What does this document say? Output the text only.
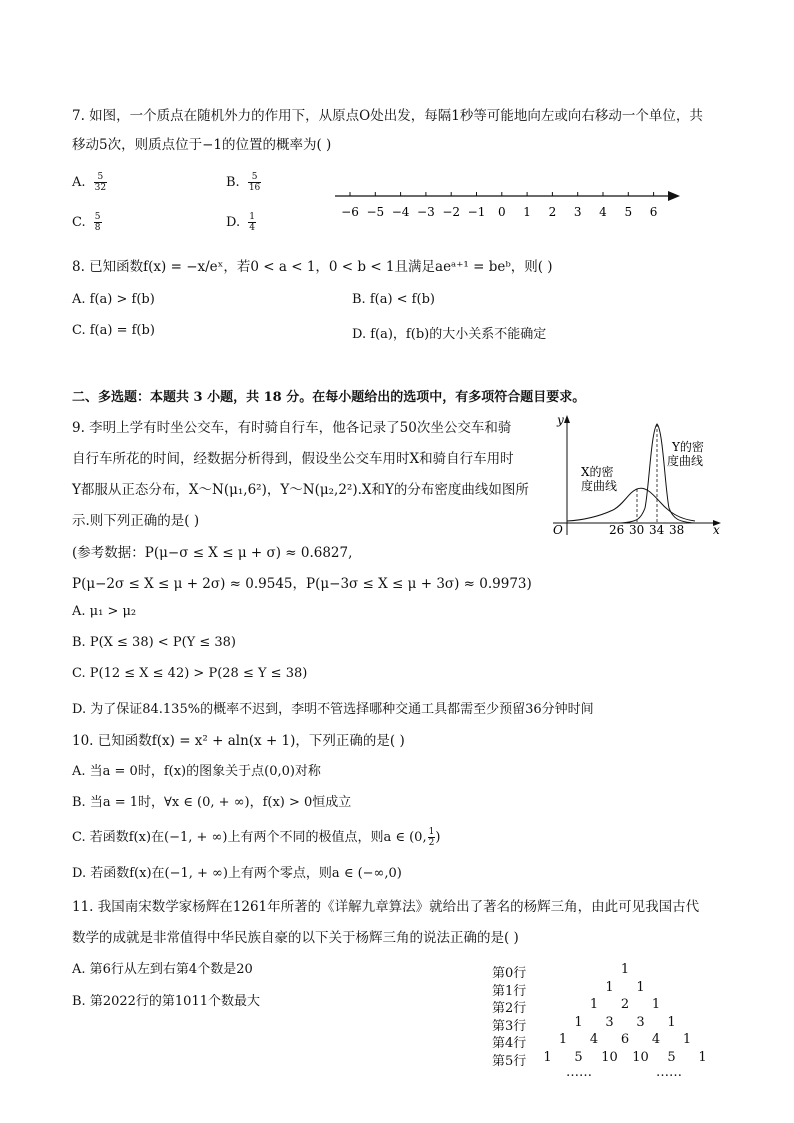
7. 如图，一个质点在随机外力的作用下，从原点O处出发，每隔1秒等可能地向左或向右移动一个单位，共
移动5次，则质点位于−1的位置的概率为( )
A. $\frac{5}{32}$	B. $\frac{5}{16}$
C. $\frac{5}{8}$	D. $\frac{1}{4}$	−6 −5 −4 −3 −2 −1 0 1 2 3 4 5 6
8. 已知函数f(x) = −x/eˣ，若0 < a < 1，0 < b < 1且满足aeᵃ⁺¹ = beᵇ，则( )
A. f(a) > f(b)	B. f(a) < f(b)
C. f(a) = f(b)	D. f(a)，f(b)的大小关系不能确定
二、多选题：本题共 3 小题，共 18 分。在每小题给出的选项中，有多项符合题目要求。
9. 李明上学有时坐公交车，有时骑自行车，他各记录了50次坐公交车和骑
自行车所花的时间，经数据分析得到，假设坐公交车用时X和骑自行车用时
Y都服从正态分布，X～N(μ₁,6²)，Y～N(μ₂,2²).X和Y的分布密度曲线如图所
示.则下列正确的是( )
(参考数据：P(μ−σ ≤ X ≤ μ + σ) ≈ 0.6827,
P(μ−2σ ≤ X ≤ μ + 2σ) ≈ 0.9545，P(μ−3σ ≤ X ≤ μ + 3σ) ≈ 0.9973)
A. μ₁ > μ₂
B. P(X ≤ 38) < P(Y ≤ 38)
C. P(12 ≤ X ≤ 42) > P(28 ≤ Y ≤ 38)
D. 为了保证84.135%的概率不迟到，李明不管选择哪种交通工具都需至少预留36分钟时间
y
x
O	26 30 34 38
X的密
度曲线
Y的密
度曲线
10. 已知函数f(x) = x² + aln(x + 1)，下列正确的是( )
A. 当a = 0时，f(x)的图象关于点(0,0)对称
B. 当a = 1时，∀x ∈ (0, + ∞)，f(x) > 0恒成立
C. 若函数f(x)在(−1, + ∞)上有两个不同的极值点，则a ∈ (0, $\frac{1}{2}$ )
D. 若函数f(x)在(−1, + ∞)上有两个零点，则a ∈ (−∞,0)
11. 我国南宋数学家杨辉在1261年所著的《详解九章算法》就给出了著名的杨辉三角，由此可见我国古代
数学的成就是非常值得中华民族自豪的以下关于杨辉三角的说法正确的是( )
A. 第6行从左到右第4个数是20
B. 第2022行的第1011个数最大
第0行	1
第1行	1	1
第2行	1	2	1
第3行	1	3	3	1
第4行	1	4	6	4	1
第5行	1	5	10 10	5	1
……	……
